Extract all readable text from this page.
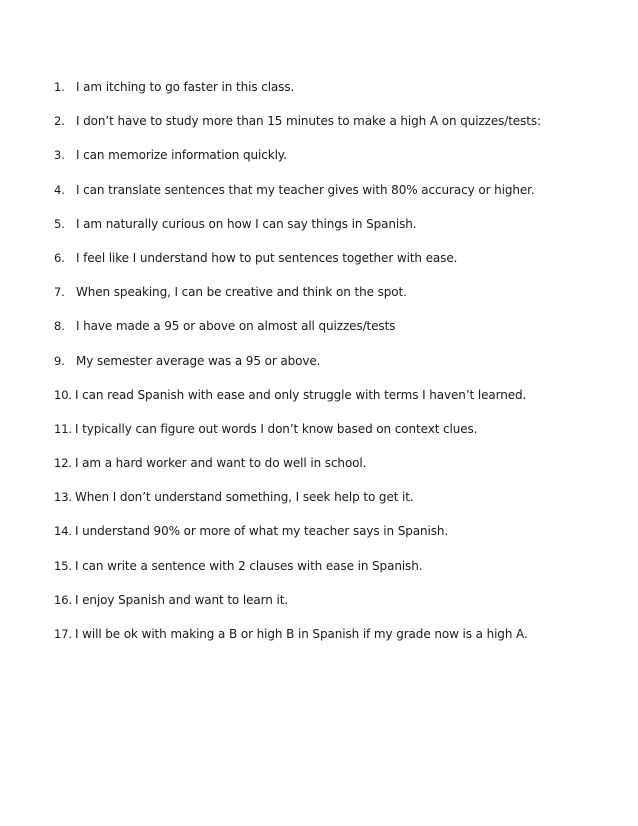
1. I am itching to go faster in this class.
2. I don’t have to study more than 15 minutes to make a high A on quizzes/tests:
3. I can memorize information quickly.
4. I can translate sentences that my teacher gives with 80% accuracy or higher.
5. I am naturally curious on how I can say things in Spanish.
6. I feel like I understand how to put sentences together with ease.
7. When speaking, I can be creative and think on the spot.
8. I have made a 95 or above on almost all quizzes/tests
9. My semester average was a 95 or above.
10. I can read Spanish with ease and only struggle with terms I haven’t learned.
11. I typically can figure out words I don’t know based on context clues.
12. I am a hard worker and want to do well in school.
13. When I don’t understand something, I seek help to get it.
14. I understand 90% or more of what my teacher says in Spanish.
15. I can write a sentence with 2 clauses with ease in Spanish.
16. I enjoy Spanish and want to learn it.
17. I will be ok with making a B or high B in Spanish if my grade now is a high A.
